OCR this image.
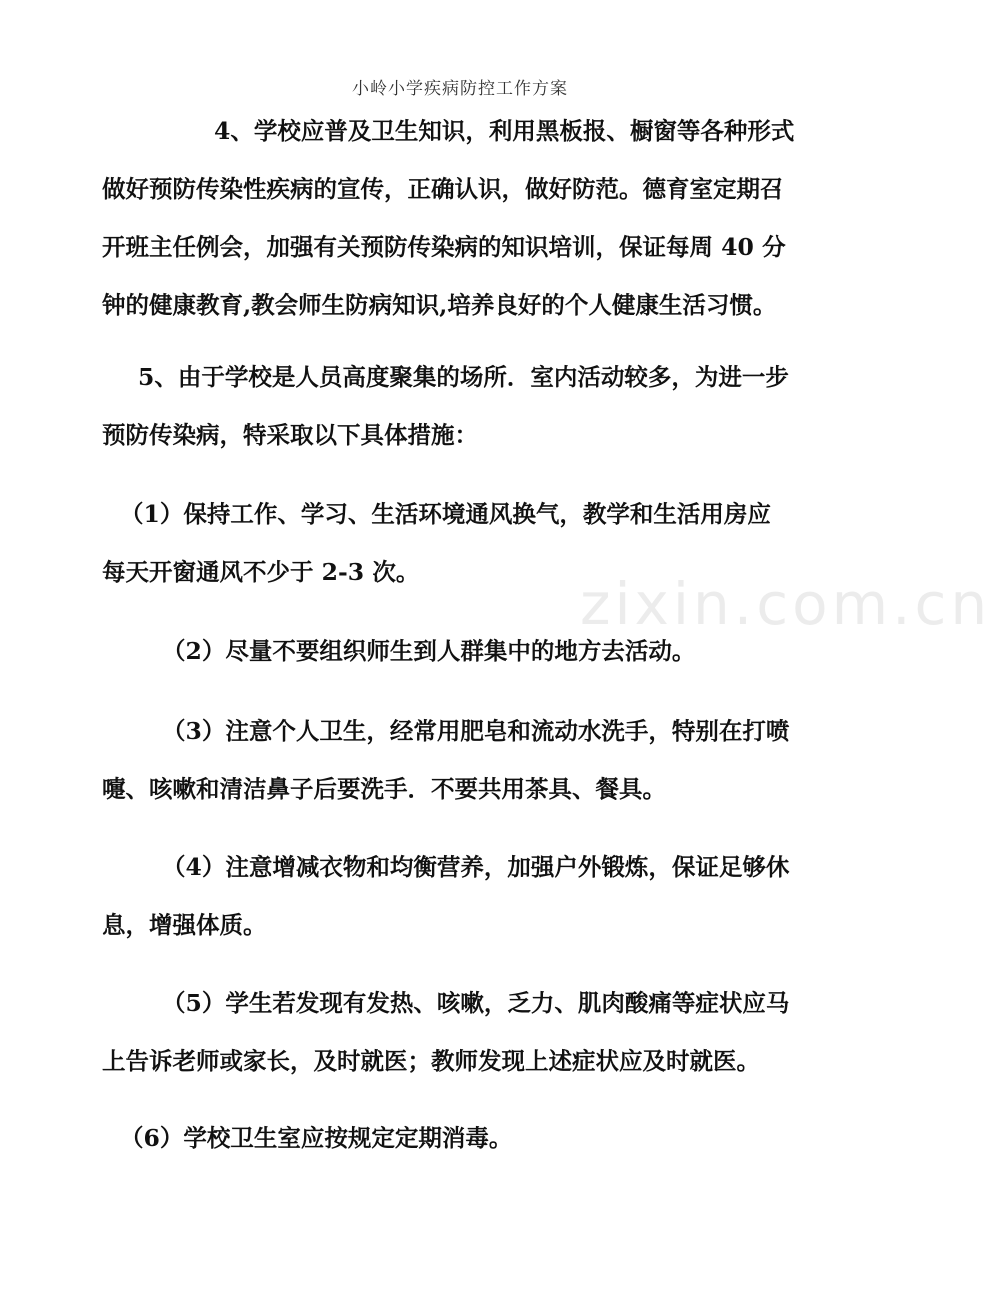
小岭小学疾病防控工作方案
zixin.com.cn
4、学校应普及卫生知识，利用黑板报、橱窗等各种形式
做好预防传染性疾病的宣传，正确认识，做好防范。德育室定期召
开班主任例会，加强有关预防传染病的知识培训，保证每周 40 分
钟的健康教育,教会师生防病知识,培养良好的个人健康生活习惯。
5、由于学校是人员高度聚集的场所．室内活动较多，为进一步
预防传染病，特采取以下具体措施：
（1）保持工作、学习、生活环境通风换气，教学和生活用房应
每天开窗通风不少于 2-3 次。
（2）尽量不要组织师生到人群集中的地方去活动。
（3）注意个人卫生，经常用肥皂和流动水洗手，特别在打喷
嚏、咳嗽和清洁鼻子后要洗手．不要共用茶具、餐具。
（4）注意增减衣物和均衡营养，加强户外锻炼，保证足够休
息，增强体质。
（5）学生若发现有发热、咳嗽，乏力、肌肉酸痛等症状应马
上告诉老师或家长，及时就医；教师发现上述症状应及时就医。
（6）学校卫生室应按规定定期消毒。
